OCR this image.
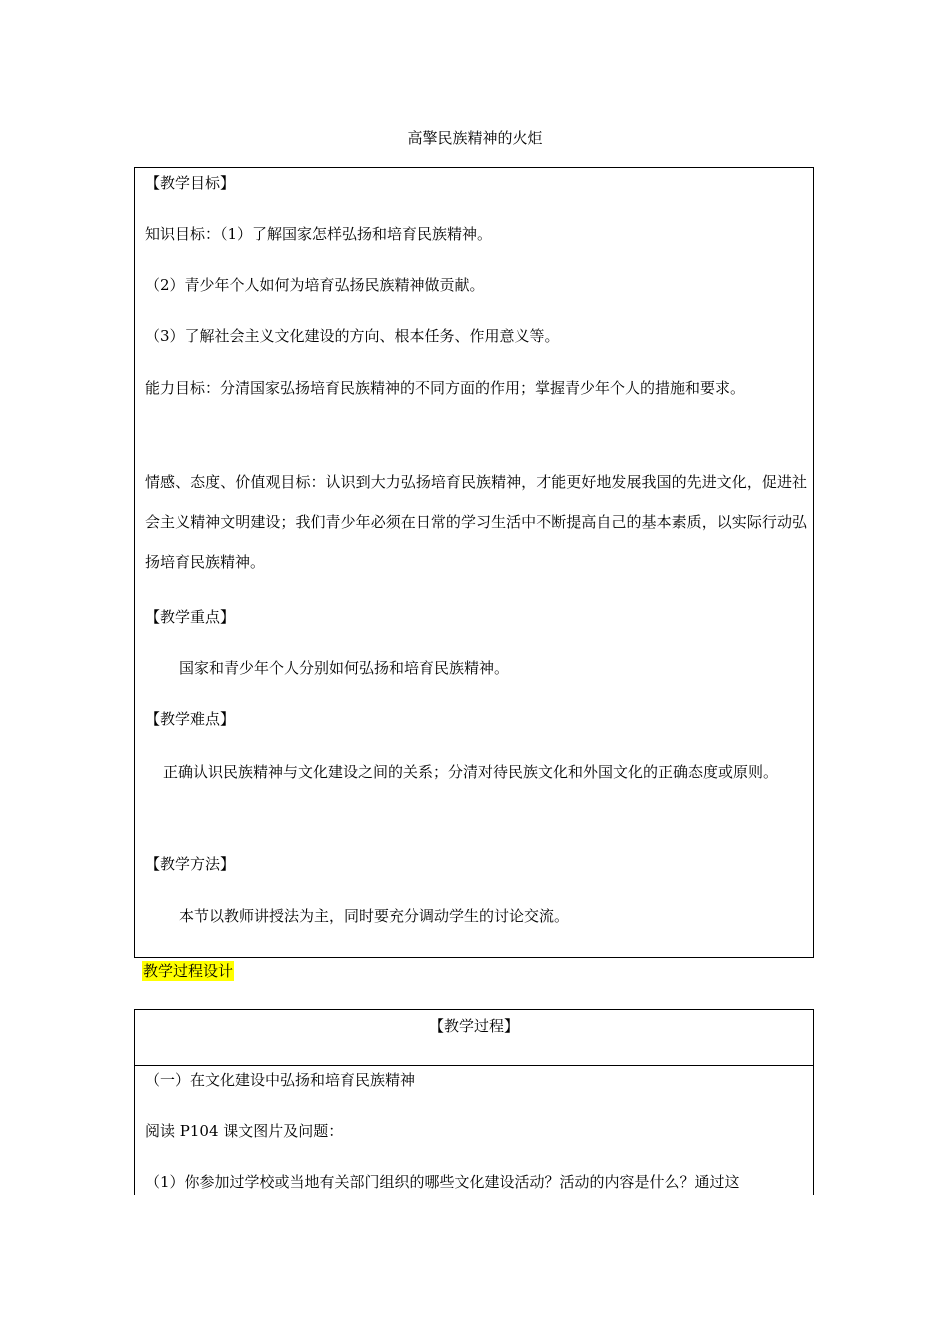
高擎民族精神的火炬
【教学目标】
知识目标：（1）了解国家怎样弘扬和培育民族精神。
（2）青少年个人如何为培育弘扬民族精神做贡献。
（3）了解社会主义文化建设的方向、根本任务、作用意义等。
能力目标：分清国家弘扬培育民族精神的不同方面的作用；掌握青少年个人的措施和要求。
情感、态度、价值观目标：认识到大力弘扬培育民族精神，才能更好地发展我国的先进文化，促进社会主义精神文明建设；我们青少年必须在日常的学习生活中不断提高自己的基本素质，以实际行动弘扬培育民族精神。
【教学重点】
国家和青少年个人分别如何弘扬和培育民族精神。
【教学难点】
正确认识民族精神与文化建设之间的关系；分清对待民族文化和外国文化的正确态度或原则。
【教学方法】
本节以教师讲授法为主，同时要充分调动学生的讨论交流。
教学过程设计
【教学过程】
（一）在文化建设中弘扬和培育民族精神
阅读 P104 课文图片及问题：
（1）你参加过学校或当地有关部门组织的哪些文化建设活动？活动的内容是什么？通过这
